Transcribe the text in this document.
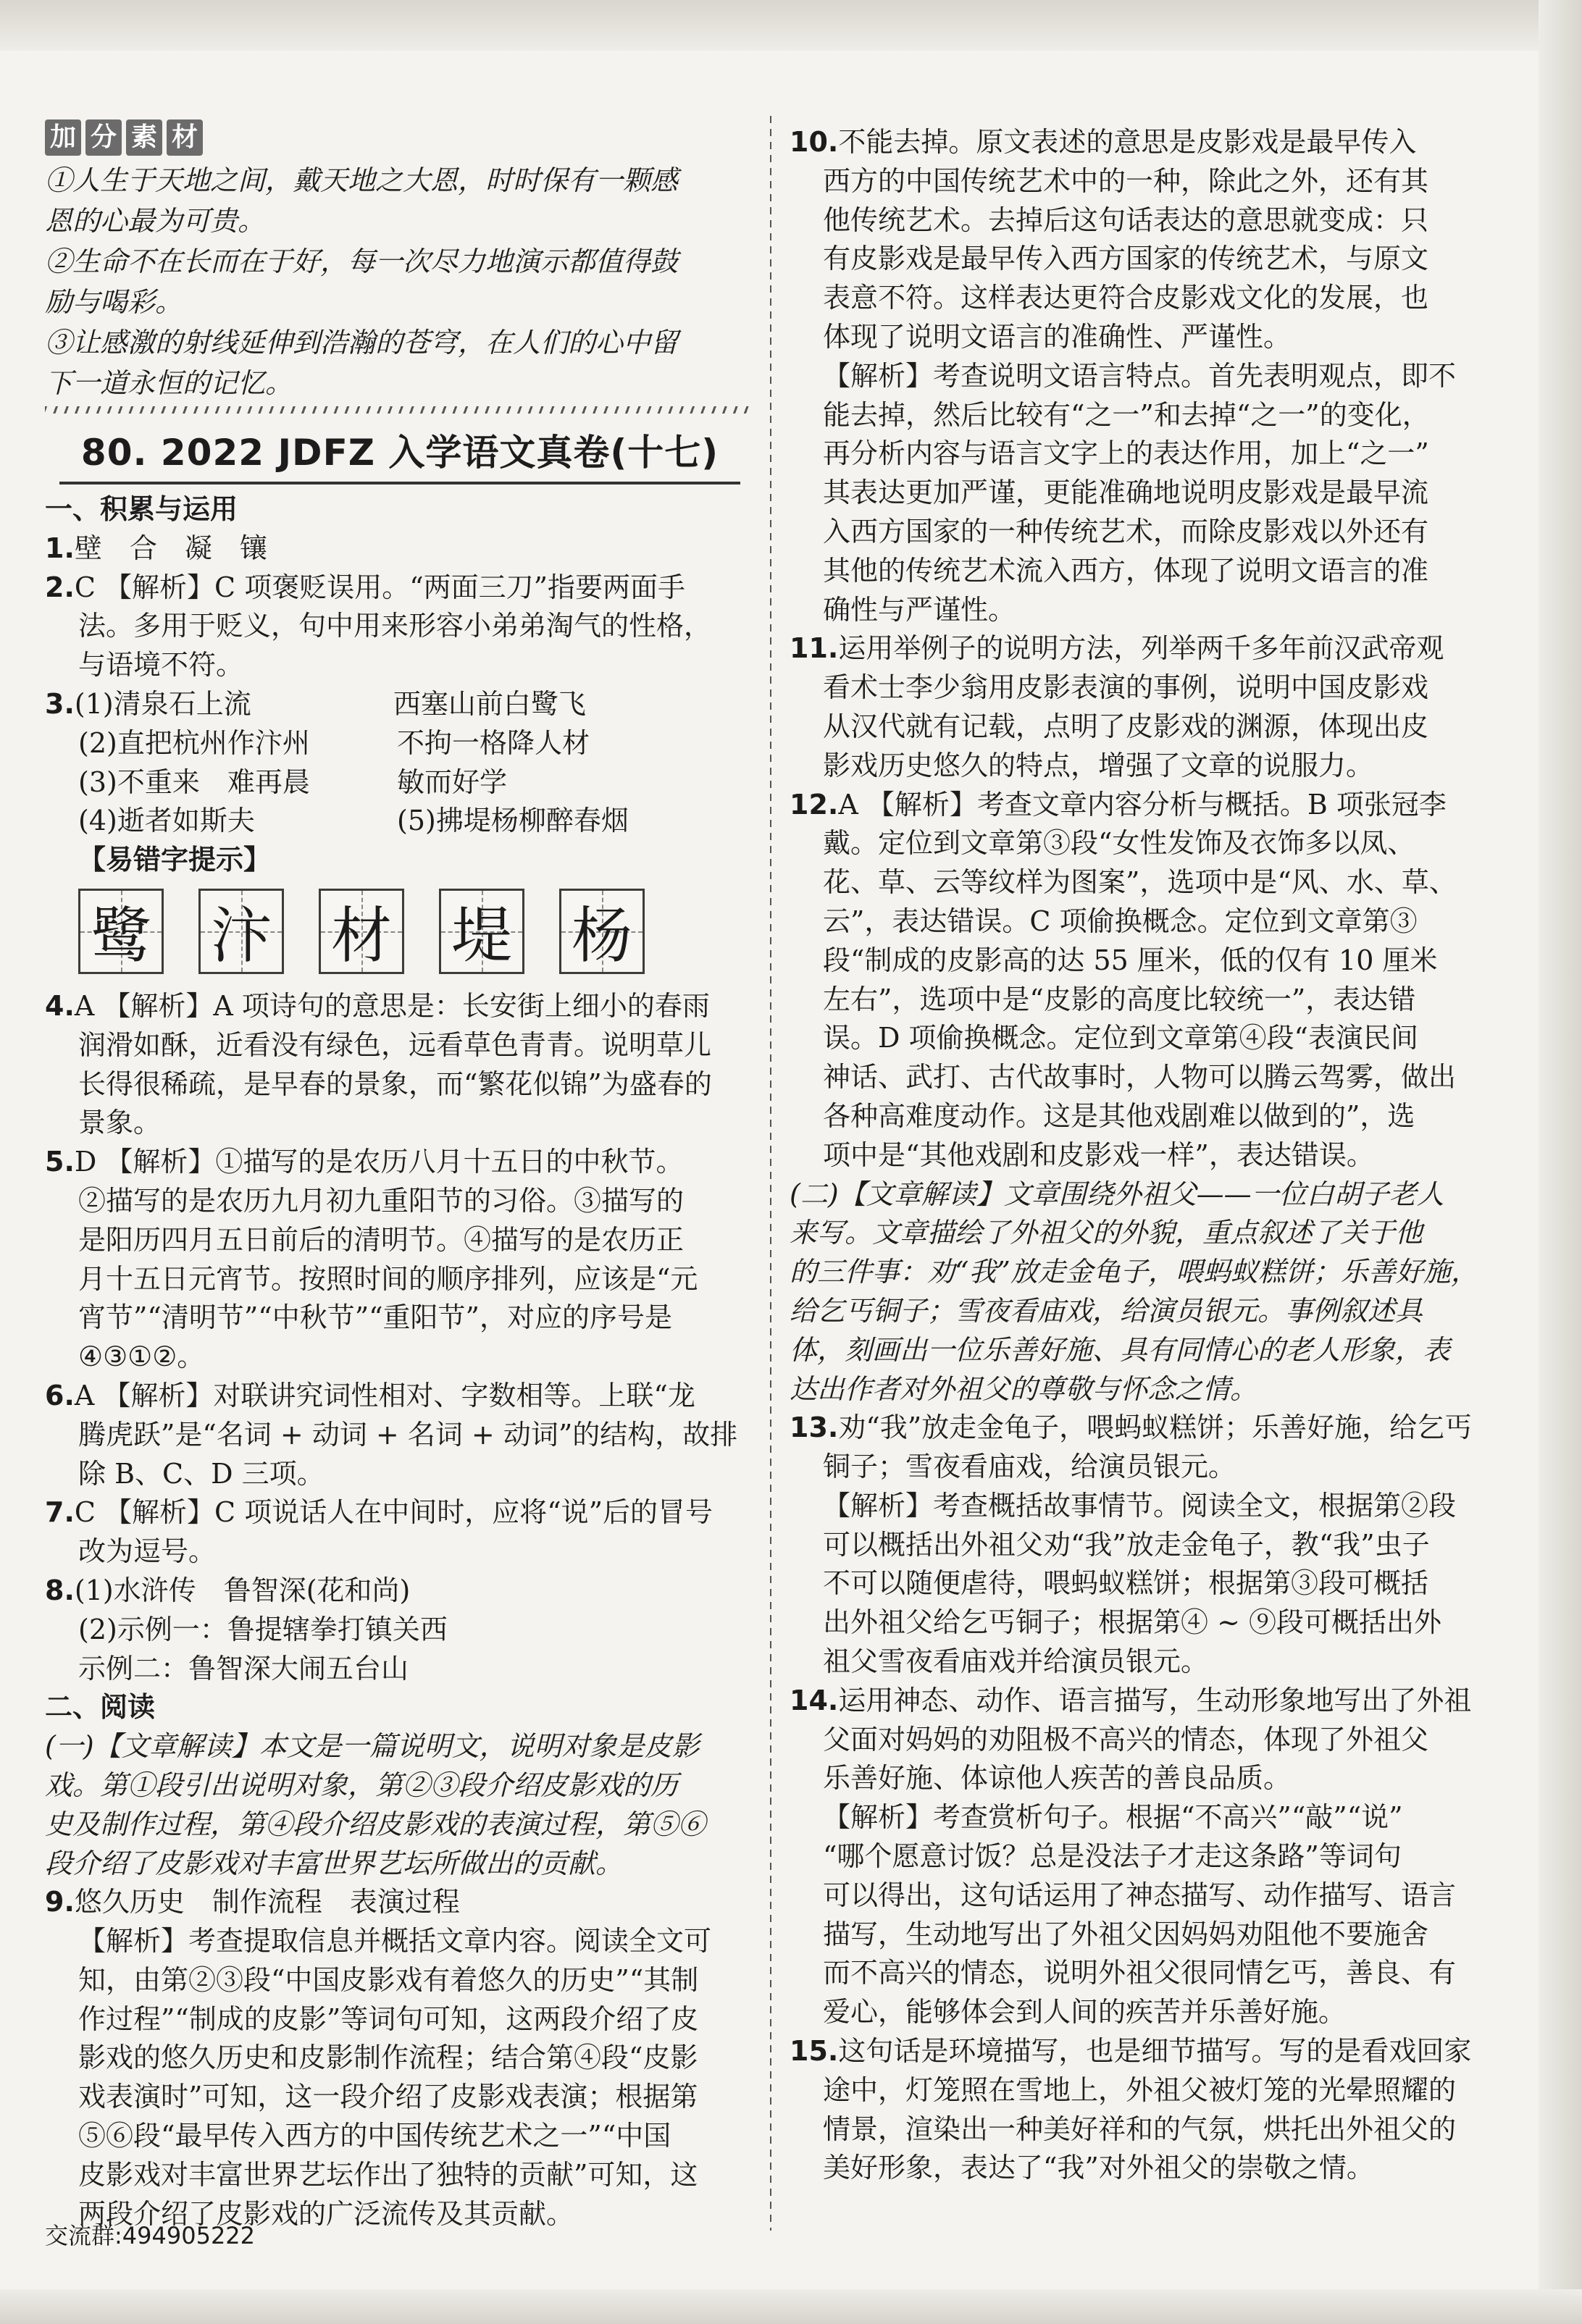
加 分 素 材

①人生于天地之间，戴天地之大恩，时时保有一颗感

恩的心最为可贵。

②生命不在长而在于好，每一次尽力地演示都值得鼓

励与喝彩。

③让感激的射线延伸到浩瀚的苍穹，在人们的心中留

下一道永恒的记忆。

80. 2022 JDFZ 入学语文真卷(十七)

一、积累与运用

1.壁　合　凝　镶

2.C 【解析】C 项褒贬误用。“两面三刀”指要两面手

法。多用于贬义，句中用来形容小弟弟淘气的性格，

与语境不符。

3.(1)清泉石上流	西塞山前白鹭飞

(2)直把杭州作汴州	不拘一格降人材

(3)不重来　难再晨	敏而好学

(4)逝者如斯夫	(5)拂堤杨柳醉春烟

【易错字提示】

鹭 汴 材 堤 杨

4.A 【解析】A 项诗句的意思是：长安街上细小的春雨

润滑如酥，近看没有绿色，远看草色青青。说明草儿

长得很稀疏，是早春的景象，而“繁花似锦”为盛春的

景象。

5.D 【解析】①描写的是农历八月十五日的中秋节。

②描写的是农历九月初九重阳节的习俗。③描写的

是阳历四月五日前后的清明节。④描写的是农历正

月十五日元宵节。按照时间的顺序排列，应该是“元

宵节”“清明节”“中秋节”“重阳节”，对应的序号是

④③①②。

6.A 【解析】对联讲究词性相对、字数相等。上联“龙

腾虎跃”是“名词 + 动词 + 名词 + 动词”的结构，故排

除 B、C、D 三项。

7.C 【解析】C 项说话人在中间时，应将“说”后的冒号

改为逗号。

8.(1)水浒传　鲁智深(花和尚)

(2)示例一：鲁提辖拳打镇关西

示例二：鲁智深大闹五台山

二、阅读

(一)【文章解读】本文是一篇说明文，说明对象是皮影

戏。第①段引出说明对象，第②③段介绍皮影戏的历

史及制作过程，第④段介绍皮影戏的表演过程，第⑤⑥

段介绍了皮影戏对丰富世界艺坛所做出的贡献。

9.悠久历史　制作流程　表演过程

【解析】考查提取信息并概括文章内容。阅读全文可

知，由第②③段“中国皮影戏有着悠久的历史”“其制

作过程”“制成的皮影”等词句可知，这两段介绍了皮

影戏的悠久历史和皮影制作流程；结合第④段“皮影

戏表演时”可知，这一段介绍了皮影戏表演；根据第

⑤⑥段“最早传入西方的中国传统艺术之一”“中国

皮影戏对丰富世界艺坛作出了独特的贡献”可知，这

两段介绍了皮影戏的广泛流传及其贡献。

10.不能去掉。原文表述的意思是皮影戏是最早传入

西方的中国传统艺术中的一种，除此之外，还有其

他传统艺术。去掉后这句话表达的意思就变成：只

有皮影戏是最早传入西方国家的传统艺术，与原文

表意不符。这样表达更符合皮影戏文化的发展，也

体现了说明文语言的准确性、严谨性。

【解析】考查说明文语言特点。首先表明观点，即不

能去掉，然后比较有“之一”和去掉“之一”的变化，

再分析内容与语言文字上的表达作用，加上“之一”

其表达更加严谨，更能准确地说明皮影戏是最早流

入西方国家的一种传统艺术，而除皮影戏以外还有

其他的传统艺术流入西方，体现了说明文语言的准

确性与严谨性。

11.运用举例子的说明方法，列举两千多年前汉武帝观

看术士李少翁用皮影表演的事例，说明中国皮影戏

从汉代就有记载，点明了皮影戏的渊源，体现出皮

影戏历史悠久的特点，增强了文章的说服力。

12.A 【解析】考查文章内容分析与概括。B 项张冠李

戴。定位到文章第③段“女性发饰及衣饰多以凤、

花、草、云等纹样为图案”，选项中是“风、水、草、

云”，表达错误。C 项偷换概念。定位到文章第③

段“制成的皮影高的达 55 厘米，低的仅有 10 厘米

左右”，选项中是“皮影的高度比较统一”，表达错

误。D 项偷换概念。定位到文章第④段“表演民间

神话、武打、古代故事时，人物可以腾云驾雾，做出

各种高难度动作。这是其他戏剧难以做到的”，选

项中是“其他戏剧和皮影戏一样”，表达错误。

(二)【文章解读】文章围绕外祖父——一位白胡子老人

来写。文章描绘了外祖父的外貌，重点叙述了关于他

的三件事：劝“我”放走金龟子，喂蚂蚁糕饼；乐善好施，

给乞丐铜子；雪夜看庙戏，给演员银元。事例叙述具

体，刻画出一位乐善好施、具有同情心的老人形象，表

达出作者对外祖父的尊敬与怀念之情。

13.劝“我”放走金龟子，喂蚂蚁糕饼；乐善好施，给乞丐

铜子；雪夜看庙戏，给演员银元。

【解析】考查概括故事情节。阅读全文，根据第②段

可以概括出外祖父劝“我”放走金龟子，教“我”虫子

不可以随便虐待，喂蚂蚁糕饼；根据第③段可概括

出外祖父给乞丐铜子；根据第④ ~ ⑨段可概括出外

祖父雪夜看庙戏并给演员银元。

14.运用神态、动作、语言描写，生动形象地写出了外祖

父面对妈妈的劝阻极不高兴的情态，体现了外祖父

乐善好施、体谅他人疾苦的善良品质。

【解析】考查赏析句子。根据“不高兴”“敲”“说”

“哪个愿意讨饭？总是没法子才走这条路”等词句

可以得出，这句话运用了神态描写、动作描写、语言

描写，生动地写出了外祖父因妈妈劝阻他不要施舍

而不高兴的情态，说明外祖父很同情乞丐，善良、有

爱心，能够体会到人间的疾苦并乐善好施。

15.这句话是环境描写，也是细节描写。写的是看戏回家

途中，灯笼照在雪地上，外祖父被灯笼的光晕照耀的

情景，渲染出一种美好祥和的气氛，烘托出外祖父的

美好形象，表达了“我”对外祖父的崇敬之情。

交流群:494905222
